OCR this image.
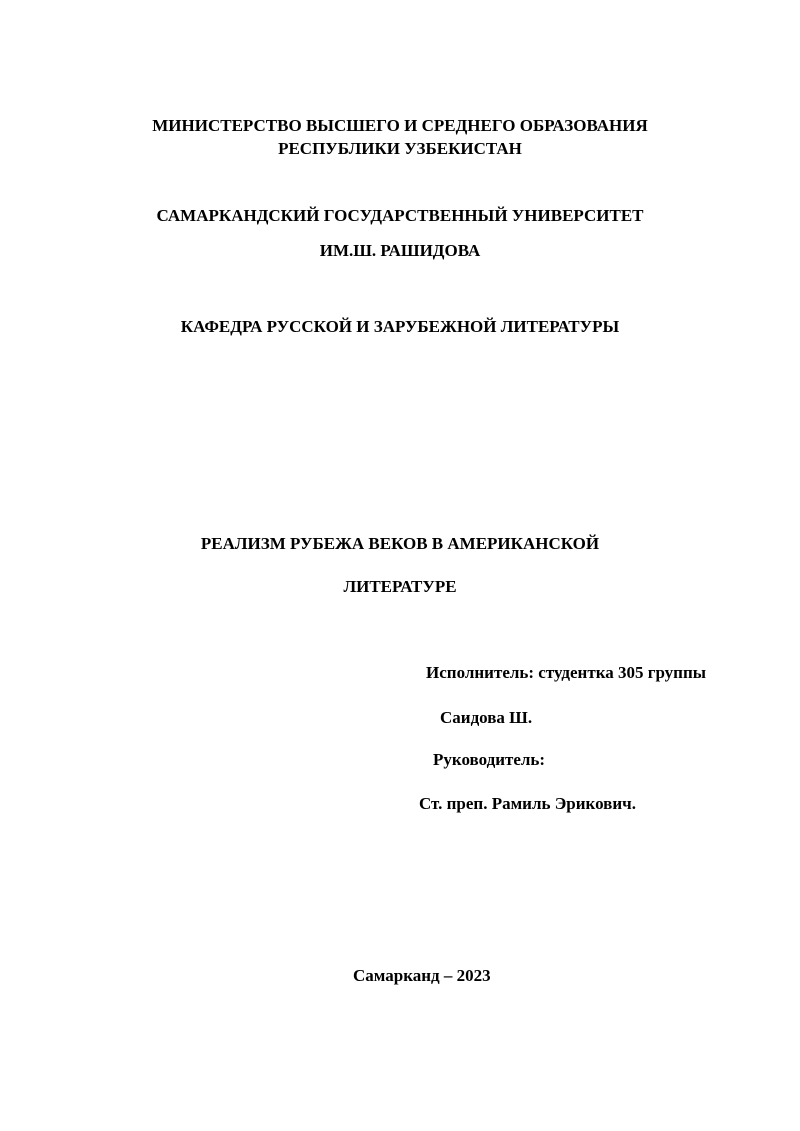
МИНИСТЕРСТВО ВЫСШЕГО И СРЕДНЕГО ОБРАЗОВАНИЯ
РЕСПУБЛИКИ УЗБЕКИСТАН
САМАРКАНДСКИЙ ГОСУДАРСТВЕННЫЙ УНИВЕРСИТЕТ
ИМ.Ш. РАШИДОВА
КАФЕДРА РУССКОЙ И ЗАРУБЕЖНОЙ ЛИТЕРАТУРЫ
РЕАЛИЗМ РУБЕЖА ВЕКОВ В АМЕРИКАНСКОЙ
ЛИТЕРАТУРЕ
Исполнитель: студентка 305 группы
Саидова Ш.
Руководитель:
Ст. преп. Рамиль Эрикович.
Самарканд – 2023
